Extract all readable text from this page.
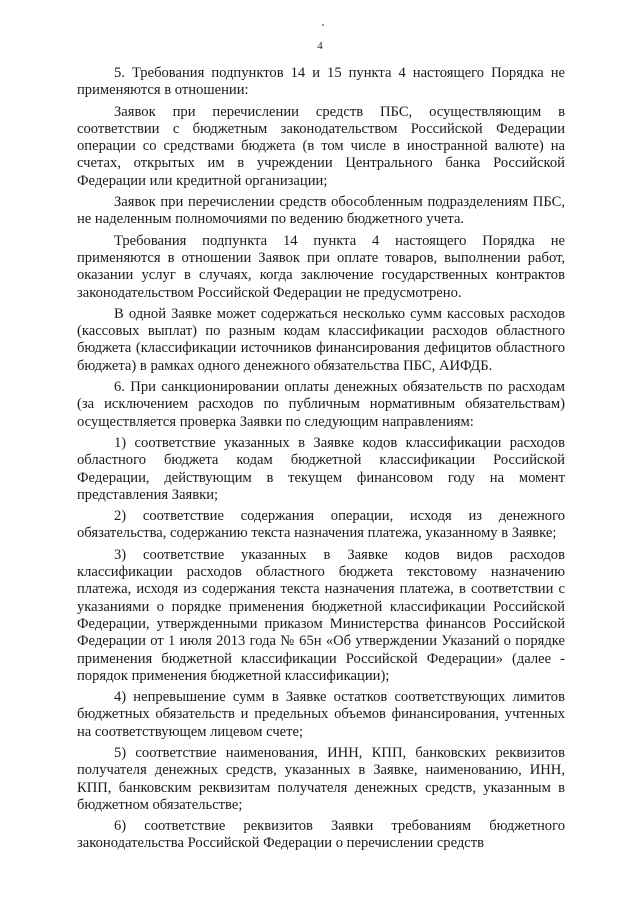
4

5. Требования подпунктов 14 и 15 пункта 4 настоящего Порядка не применяются в отношении:

Заявок при перечислении средств ПБС, осуществляющим в соответствии с бюджетным законодательством Российской Федерации операции со средствами бюджета (в том числе в иностранной валюте) на счетах, открытых им в учреждении Центрального банка Российской Федерации или кредитной организации;

Заявок при перечислении средств обособленным подразделениям ПБС, не наделенным полномочиями по ведению бюджетного учета.

Требования подпункта 14 пункта 4 настоящего Порядка не применяются в отношении Заявок при оплате товаров, выполнении работ, оказании услуг в случаях, когда заключение государственных контрактов законодательством Российской Федерации не предусмотрено.

В одной Заявке может содержаться несколько сумм кассовых расходов (кассовых выплат) по разным кодам классификации расходов областного бюджета (классификации источников финансирования дефицитов областного бюджета) в рамках одного денежного обязательства ПБС, АИФДБ.

6. При санкционировании оплаты денежных обязательств по расходам (за исключением расходов по публичным нормативным обязательствам) осуществляется проверка Заявки по следующим направлениям:

1) соответствие указанных в Заявке кодов классификации расходов областного бюджета кодам бюджетной классификации Российской Федерации, действующим в текущем финансовом году на момент представления Заявки;

2) соответствие содержания операции, исходя из денежного обязательства, содержанию текста назначения платежа, указанному в Заявке;

3) соответствие указанных в Заявке кодов видов расходов классификации расходов областного бюджета текстовому назначению платежа, исходя из содержания текста назначения платежа, в соответствии с указаниями о порядке применения бюджетной классификации Российской Федерации, утвержденными приказом Министерства финансов Российской Федерации от 1 июля 2013 года № 65н «Об утверждении Указаний о порядке применения бюджетной классификации Российской Федерации» (далее - порядок применения бюджетной классификации);

4) непревышение сумм в Заявке остатков соответствующих лимитов бюджетных обязательств и предельных объемов финансирования, учтенных на соответствующем лицевом счете;

5) соответствие наименования, ИНН, КПП, банковских реквизитов получателя денежных средств, указанных в Заявке, наименованию, ИНН, КПП, банковским реквизитам получателя денежных средств, указанным в бюджетном обязательстве;

6) соответствие реквизитов Заявки требованиям бюджетного законодательства Российской Федерации о перечислении средств
